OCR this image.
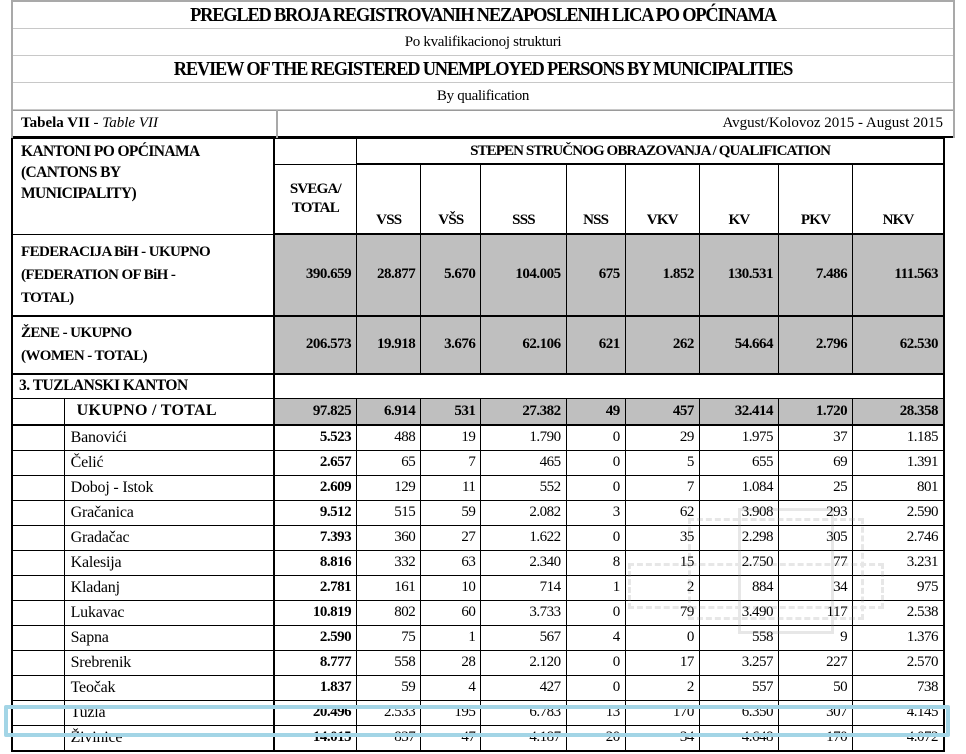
PREGLED BROJA REGISTROVANIH NEZAPOSLENIH LICA PO OPĆINAMA
Po kvalifikacionoj strukturi
REVIEW OF THE REGISTERED UNEMPLOYED PERSONS BY MUNICIPALITIES
By qualification
Tabela VII - Table VII	Avgust/Kolovoz 2015 - August 2015
KANTONI PO OPĆINAMA
(CANTONS BY
MUNICIPALITY)			STEPEN STRUČNOG OBRAZOVANJA / QUALIFICATION							

		SVEGA/
TOTAL	VSS	VŠS	SSS	NSS	VKV	KV	PKV	NKV

FEDERACIJA BiH - UKUPNO
(FEDERATION OF BiH -
TOTAL)		390.659	28.877	5.670	104.005	675	1.852	130.531	7.486	111.563

ŽENE - UKUPNO
(WOMEN - TOTAL)		206.573	19.918	3.676	62.106	621	262	54.664	2.796	62.530
3. TUZLANSKI KANTON										
	UKUPNO / TOTAL	97.825	6.914	531	27.382	49	457	32.414	1.720	28.358
	Banovići	5.523	488	19	1.790	0	29	1.975	37	1.185
	Čelić	2.657	65	7	465	0	5	655	69	1.391
	Doboj - Istok	2.609	129	11	552	0	7	1.084	25	801
	Gračanica	9.512	515	59	2.082	3	62	3.908	293	2.590
	Gradačac	7.393	360	27	1.622	0	35	2.298	305	2.746
	Kalesija	8.816	332	63	2.340	8	15	2.750	77	3.231
	Kladanj	2.781	161	10	714	1	2	884	34	975
	Lukavac	10.819	802	60	3.733	0	79	3.490	117	2.538
	Sapna	2.590	75	1	567	4	0	558	9	1.376
	Srebrenik	8.777	558	28	2.120	0	17	3.257	227	2.570
	Teočak	1.837	59	4	427	0	2	557	50	738
	Tuzla	20.496	2.533	195	6.783	13	170	6.350	307	4.145
	Živinice	14.015	837	47	4.187	20	34	4.648	170	4.072
